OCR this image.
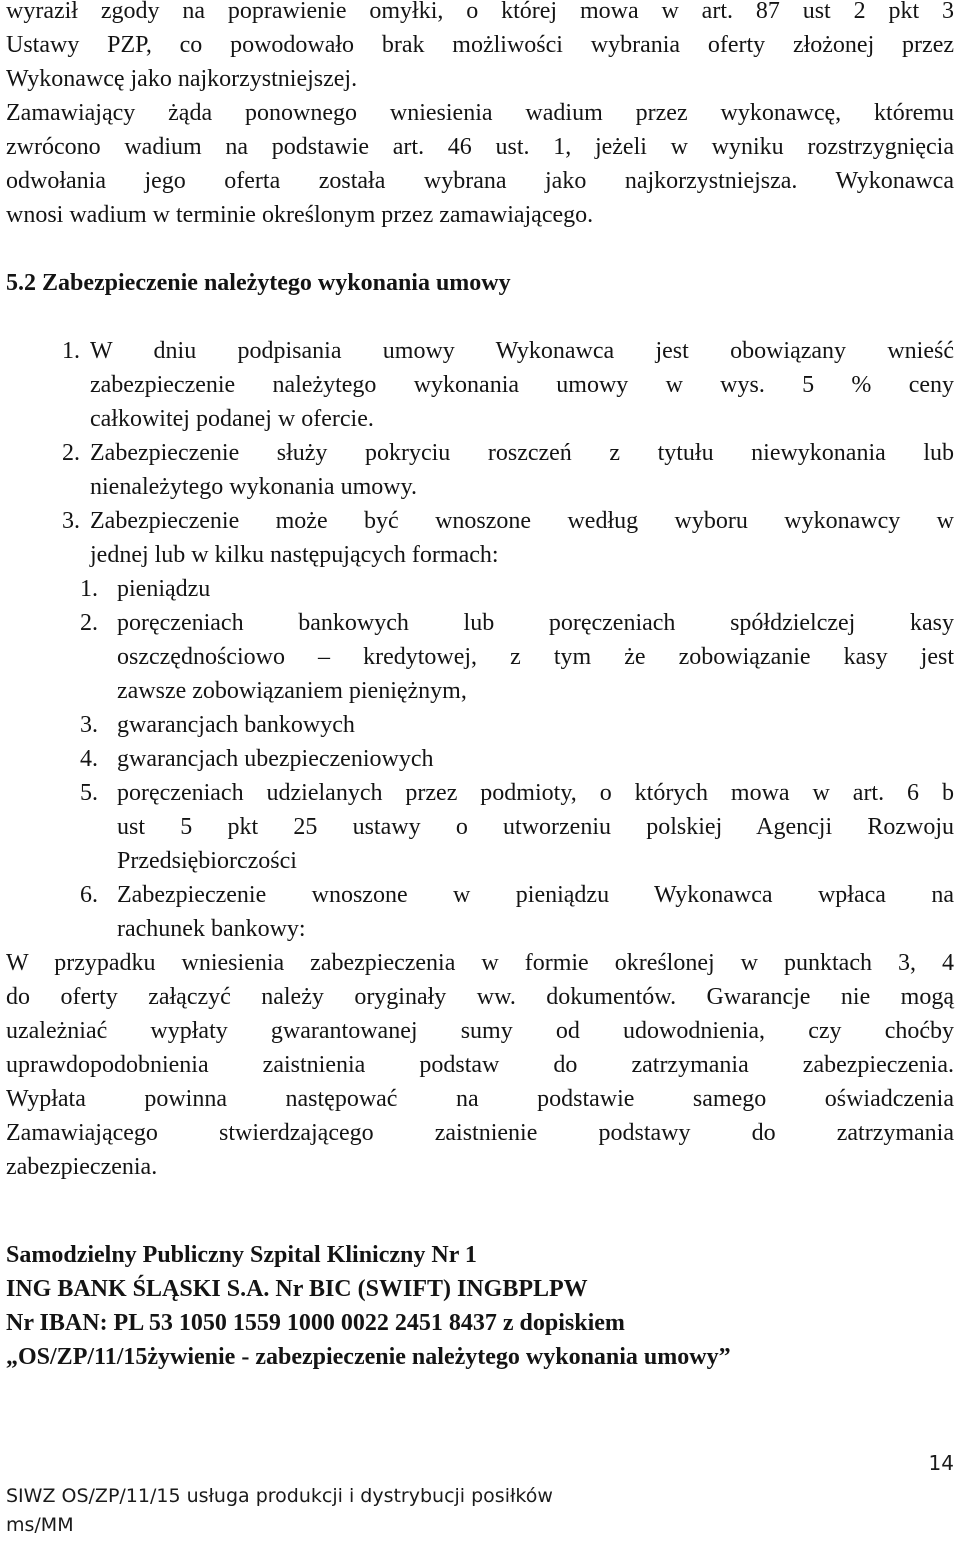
wyraził zgody na poprawienie omyłki, o której mowa w art. 87 ust 2 pkt 3

Ustawy PZP, co powodowało brak możliwości wybrania oferty złożonej przez

Wykonawcę jako najkorzystniejszej.

Zamawiający żąda ponownego wniesienia wadium przez wykonawcę, któremu

zwrócono wadium na podstawie art. 46 ust. 1, jeżeli w wyniku rozstrzygnięcia

odwołania jego oferta została wybrana jako najkorzystniejsza. Wykonawca

wnosi wadium w terminie określonym przez zamawiającego.

5.2 Zabezpieczenie należytego wykonania umowy

1. W dniu podpisania umowy Wykonawca jest obowiązany wnieść

zabezpieczenie należytego wykonania umowy w wys. 5 % ceny

całkowitej podanej w ofercie.

2. Zabezpieczenie służy pokryciu roszczeń z tytułu niewykonania lub

nienależytego wykonania umowy.

3. Zabezpieczenie może być wnoszone według wyboru wykonawcy w

jednej lub w kilku następujących formach:

1. pieniądzu

2. poręczeniach bankowych lub poręczeniach spółdzielczej kasy

oszczędnościowo – kredytowej, z tym że zobowiązanie kasy jest

zawsze zobowiązaniem pieniężnym,

3. gwarancjach bankowych

4. gwarancjach ubezpieczeniowych

5. poręczeniach udzielanych przez podmioty, o których mowa w art. 6 b

ust 5 pkt 25 ustawy o utworzeniu polskiej Agencji Rozwoju

Przedsiębiorczości

6. Zabezpieczenie wnoszone w pieniądzu Wykonawca wpłaca na

rachunek bankowy:

W przypadku wniesienia zabezpieczenia w formie określonej w punktach 3, 4

do oferty załączyć należy oryginały ww. dokumentów. Gwarancje nie mogą

uzależniać wypłaty gwarantowanej sumy od udowodnienia, czy choćby

uprawdopodobnienia zaistnienia podstaw do zatrzymania zabezpieczenia.

Wypłata powinna następować na podstawie samego oświadczenia

Zamawiającego stwierdzającego zaistnienie podstawy do zatrzymania

zabezpieczenia.

Samodzielny Publiczny Szpital Kliniczny Nr 1

ING BANK ŚLĄSKI S.A. Nr BIC (SWIFT) INGBPLPW

Nr IBAN: PL 53 1050 1559 1000 0022 2451 8437 z dopiskiem

„OS/ZP/11/15żywienie - zabezpieczenie należytego wykonania umowy”

14
SIWZ OS/ZP/11/15 usługa produkcji i dystrybucji posiłków
ms/MM
